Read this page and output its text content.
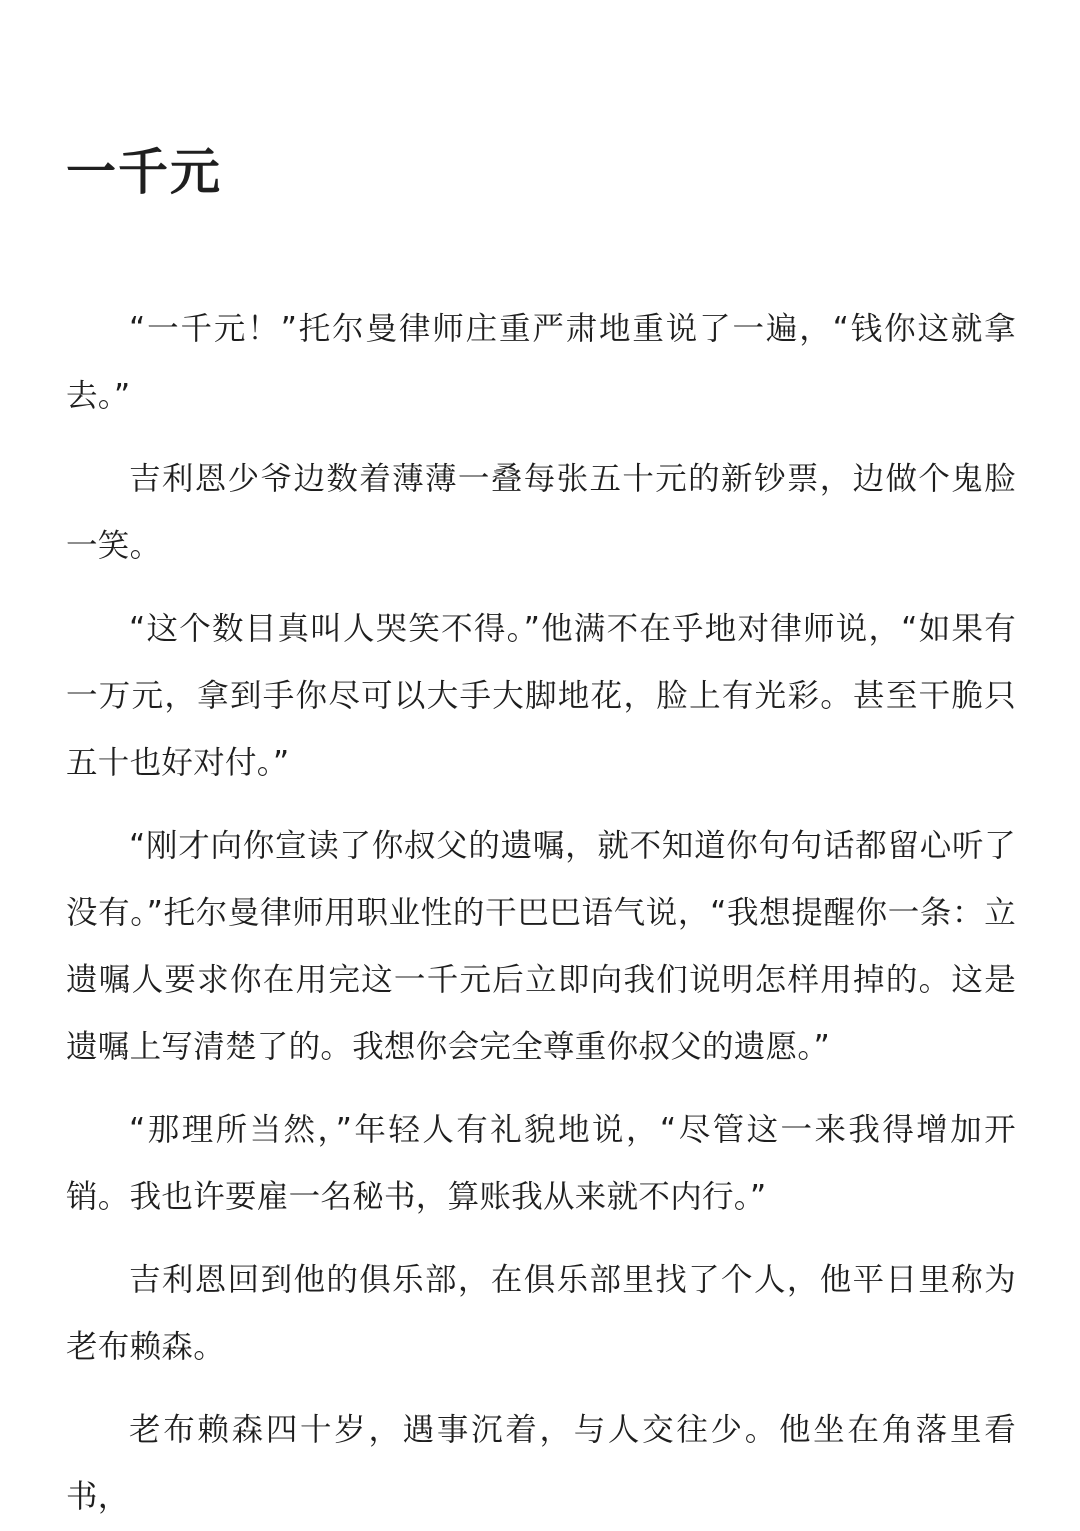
一千元

“一千元！”托尔曼律师庄重严肃地重说了一遍，“钱你这就拿去。”

吉利恩少爷边数着薄薄一叠每张五十元的新钞票，边做个鬼脸一笑。

“这个数目真叫人哭笑不得。”他满不在乎地对律师说，“如果有一万元，拿到手你尽可以大手大脚地花，脸上有光彩。甚至干脆只五十也好对付。”

“刚才向你宣读了你叔父的遗嘱，就不知道你句句话都留心听了没有。”托尔曼律师用职业性的干巴巴语气说，“我想提醒你一条：立遗嘱人要求你在用完这一千元后立即向我们说明怎样用掉的。这是遗嘱上写清楚了的。我想你会完全尊重你叔父的遗愿。”

“那理所当然，”年轻人有礼貌地说，“尽管这一来我得增加开销。我也许要雇一名秘书，算账我从来就不内行。”

吉利恩回到他的俱乐部，在俱乐部里找了个人，他平日里称为老布赖森。

老布赖森四十岁，遇事沉着，与人交往少。他坐在角落里看书，
